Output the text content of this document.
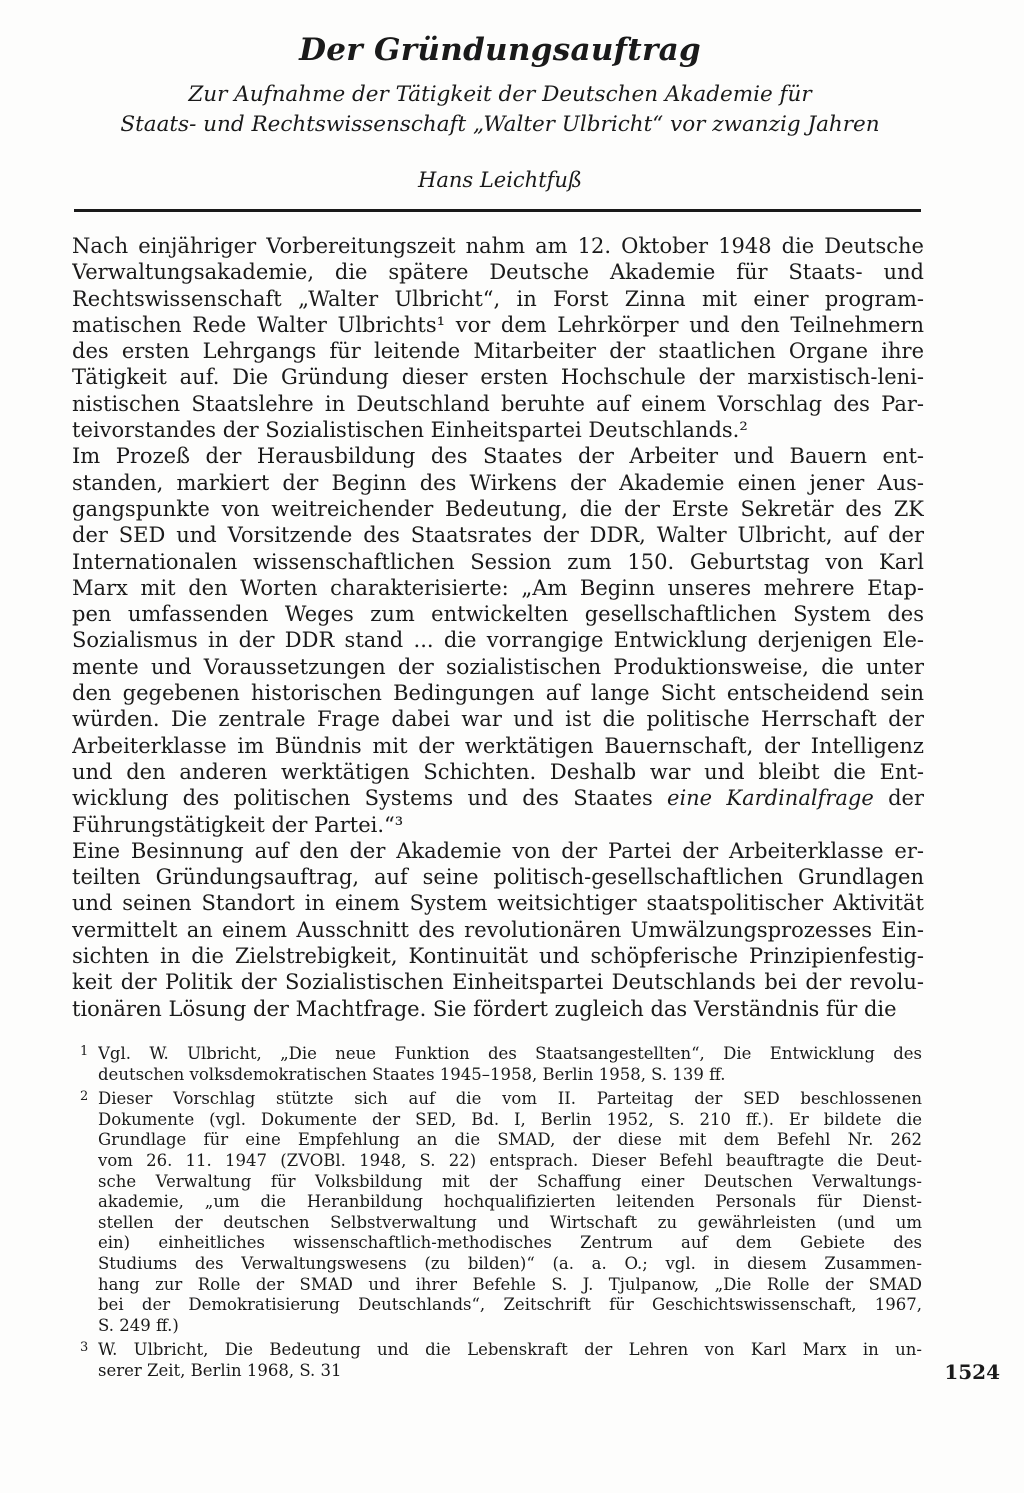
Der Gründungsauftrag
Zur Aufnahme der Tätigkeit der Deutschen Akademie für
Staats- und Rechtswissenschaft „Walter Ulbricht“ vor zwanzig Jahren
Hans Leichtfuß
Nach einjähriger Vorbereitungszeit nahm am 12. Oktober 1948 die Deutsche
Verwaltungsakademie, die spätere Deutsche Akademie für Staats- und
Rechtswissenschaft „Walter Ulbricht“, in Forst Zinna mit einer program-
matischen Rede Walter Ulbrichts¹ vor dem Lehrkörper und den Teilnehmern
des ersten Lehrgangs für leitende Mitarbeiter der staatlichen Organe ihre
Tätigkeit auf. Die Gründung dieser ersten Hochschule der marxistisch-leni-
nistischen Staatslehre in Deutschland beruhte auf einem Vorschlag des Par-
teivorstandes der Sozialistischen Einheitspartei Deutschlands.²
Im Prozeß der Herausbildung des Staates der Arbeiter und Bauern ent-
standen, markiert der Beginn des Wirkens der Akademie einen jener Aus-
gangspunkte von weitreichender Bedeutung, die der Erste Sekretär des ZK
der SED und Vorsitzende des Staatsrates der DDR, Walter Ulbricht, auf der
Internationalen wissenschaftlichen Session zum 150. Geburtstag von Karl
Marx mit den Worten charakterisierte: „Am Beginn unseres mehrere Etap-
pen umfassenden Weges zum entwickelten gesellschaftlichen System des
Sozialismus in der DDR stand ... die vorrangige Entwicklung derjenigen Ele-
mente und Voraussetzungen der sozialistischen Produktionsweise, die unter
den gegebenen historischen Bedingungen auf lange Sicht entscheidend sein
würden. Die zentrale Frage dabei war und ist die politische Herrschaft der
Arbeiterklasse im Bündnis mit der werktätigen Bauernschaft, der Intelligenz
und den anderen werktätigen Schichten. Deshalb war und bleibt die Ent-
wicklung des politischen Systems und des Staates eine Kardinalfrage der
Führungstätigkeit der Partei.“³
Eine Besinnung auf den der Akademie von der Partei der Arbeiterklasse er-
teilten Gründungsauftrag, auf seine politisch-gesellschaftlichen Grundlagen
und seinen Standort in einem System weitsichtiger staatspolitischer Aktivität
vermittelt an einem Ausschnitt des revolutionären Umwälzungsprozesses Ein-
sichten in die Zielstrebigkeit, Kontinuität und schöpferische Prinzipienfestig-
keit der Politik der Sozialistischen Einheitspartei Deutschlands bei der revolu-
tionären Lösung der Machtfrage. Sie fördert zugleich das Verständnis für die
1 Vgl. W. Ulbricht, „Die neue Funktion des Staatsangestellten“, Die Entwicklung des
deutschen volksdemokratischen Staates 1945–1958, Berlin 1958, S. 139 ff.
2 Dieser Vorschlag stützte sich auf die vom II. Parteitag der SED beschlossenen
Dokumente (vgl. Dokumente der SED, Bd. I, Berlin 1952, S. 210 ff.). Er bildete die
Grundlage für eine Empfehlung an die SMAD, der diese mit dem Befehl Nr. 262
vom 26. 11. 1947 (ZVOBl. 1948, S. 22) entsprach. Dieser Befehl beauftragte die Deut-
sche Verwaltung für Volksbildung mit der Schaffung einer Deutschen Verwaltungs-
akademie, „um die Heranbildung hochqualifizierten leitenden Personals für Dienst-
stellen der deutschen Selbstverwaltung und Wirtschaft zu gewährleisten (und um
ein) einheitliches wissenschaftlich-methodisches Zentrum auf dem Gebiete des
Studiums des Verwaltungswesens (zu bilden)“ (a. a. O.; vgl. in diesem Zusammen-
hang zur Rolle der SMAD und ihrer Befehle S. J. Tjulpanow, „Die Rolle der SMAD
bei der Demokratisierung Deutschlands“, Zeitschrift für Geschichtswissenschaft, 1967,
S. 249 ff.)
3 W. Ulbricht, Die Bedeutung und die Lebenskraft der Lehren von Karl Marx in un-
serer Zeit, Berlin 1968, S. 31	1524
